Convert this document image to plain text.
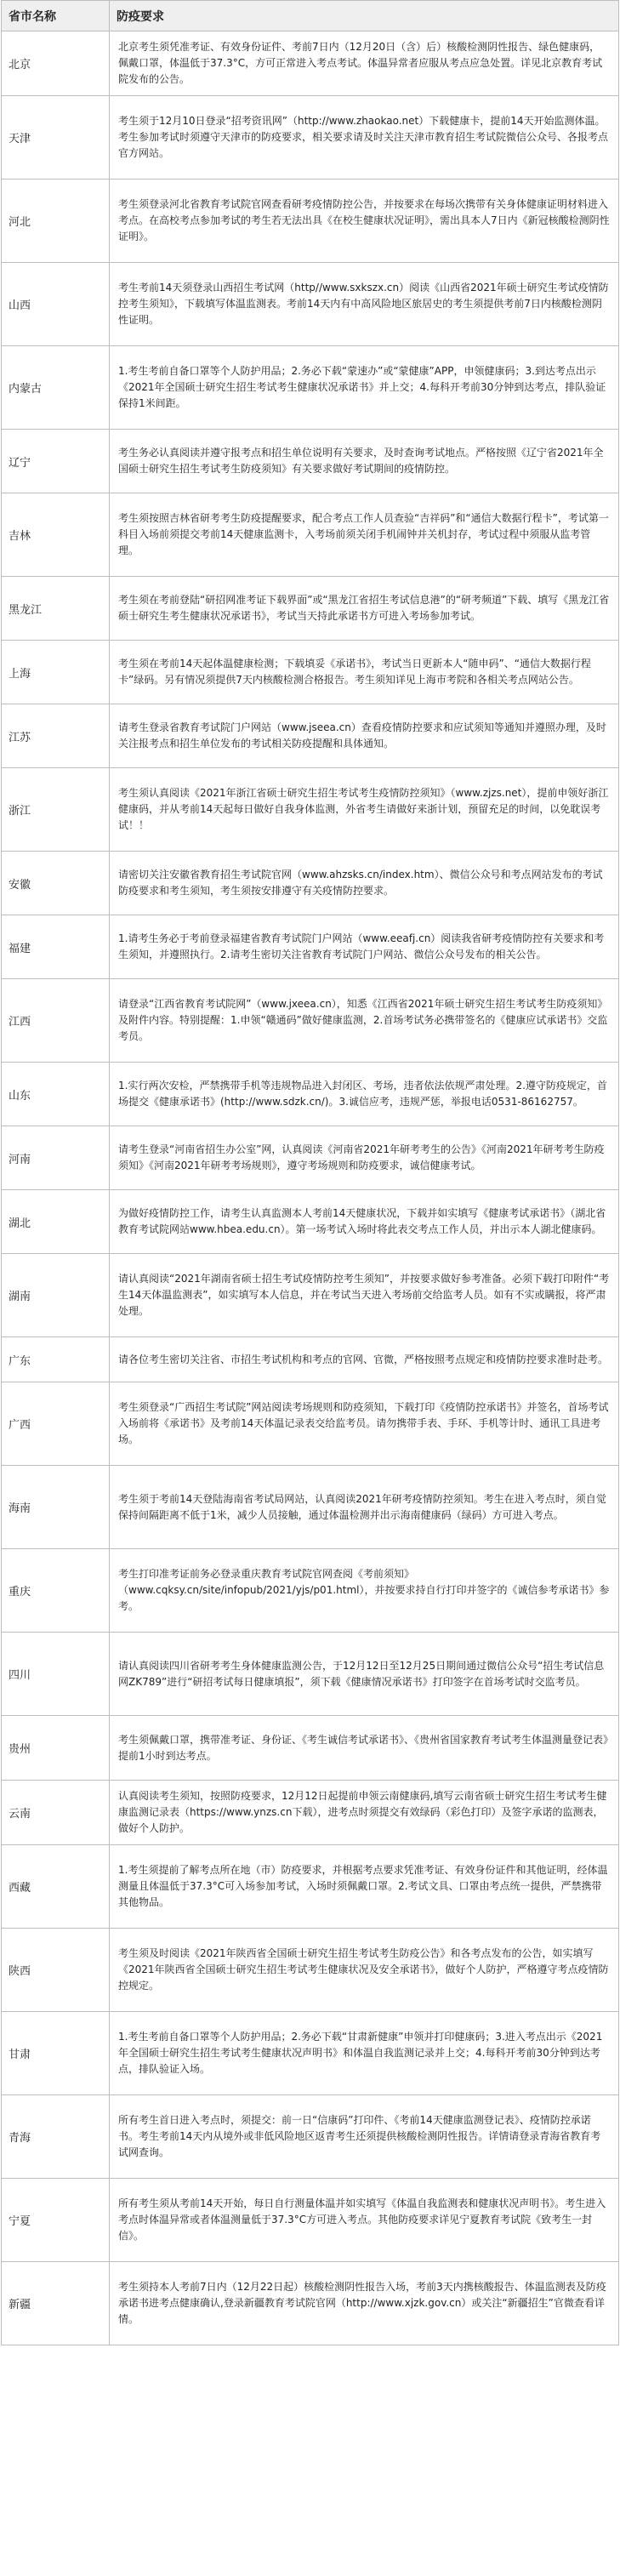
省市名称	防疫要求
北京	北京考生须凭准考证、有效身份证件、考前7日内（12月20日（含）后）核酸检测阴性报告、绿色健康码，佩戴口罩，体温低于37.3°C，方可正常进入考点考试。体温异常者应服从考点应急处置。详见北京教育考试院发布的公告。
天津	考生须于12月10日登录“招考资讯网”（http://www.zhaokao.net）下载健康卡，提前14天开始监测体温。考生参加考试时须遵守天津市的防疫要求，相关要求请及时关注天津市教育招生考试院微信公众号、各报考点官方网站。
河北	考生须登录河北省教育考试院官网查看研考疫情防控公告，并按要求在每场次携带有关身体健康证明材料进入考点。在高校考点参加考试的考生若无法出具《在校生健康状况证明》，需出具本人7日内《新冠核酸检测阴性证明》。
山西	考生考前14天须登录山西招生考试网（http//www.sxkszx.cn）阅读《山西省2021年硕士研究生考试疫情防控考生须知》，下载填写体温监测表。考前14天内有中高风险地区旅居史的考生须提供考前7日内核酸检测阴性证明。
内蒙古	1.考生考前自备口罩等个人防护用品；2.务必下载“蒙速办”或“蒙健康”APP，申领健康码；3.到达考点出示《2021年全国硕士研究生招生考试考生健康状况承诺书》并上交；4.每科开考前30分钟到达考点，排队验证保持1米间距。
辽宁	考生务必认真阅读并遵守报考点和招生单位说明有关要求，及时查询考试地点。严格按照《辽宁省2021年全国硕士研究生招生考试考生防疫须知》有关要求做好考试期间的疫情防控。
吉林	考生须按照吉林省研考考生防疫提醒要求，配合考点工作人员查验“吉祥码”和“通信大数据行程卡”，考试第一科目入场前须提交考前14天健康监测卡，入考场前须关闭手机闹钟并关机封存，考试过程中须服从监考管理。
黑龙江	考生须在考前登陆“研招网准考证下载界面”或“黑龙江省招生考试信息港”的“研考频道”下载、填写《黑龙江省硕士研究生考生健康状况承诺书》，考试当天持此承诺书方可进入考场参加考试。
上海	考生须在考前14天起体温健康检测；下载填妥《承诺书》，考试当日更新本人“随申码”、“通信大数据行程卡”绿码。另有情况须提供7天内核酸检测合格报告。考生须知详见上海市考院和各相关考点网站公告。
江苏	请考生登录省教育考试院门户网站（www.jseea.cn）查看疫情防控要求和应试须知等通知并遵照办理，及时关注报考点和招生单位发布的考试相关防疫提醒和具体通知。
浙江	考生须认真阅读《2021年浙江省硕士研究生招生考试考生疫情防控须知》（www.zjzs.net），提前申领好浙江健康码，并从考前14天起每日做好自我身体监测，外省考生请做好来浙计划，预留充足的时间，以免耽误考试！！
安徽	请密切关注安徽省教育招生考试院官网（www.ahzsks.cn/index.htm）、微信公众号和考点网站发布的考试防疫要求和考生须知，考生须按安排遵守有关疫情防控要求。
福建	1.请考生务必于考前登录福建省教育考试院门户网站（www.eeafj.cn）阅读我省研考疫情防控有关要求和考生须知，并遵照执行。2.请考生密切关注省教育考试院门户网站、微信公众号发布的相关公告。
江西	请登录“江西省教育考试院网”（www.jxeea.cn），知悉《江西省2021年硕士研究生招生考试考生防疫须知》及附件内容。特别提醒：1.申领“赣通码”做好健康监测，2.首场考试务必携带签名的《健康应试承诺书》交监考员。
山东	1.实行两次安检，严禁携带手机等违规物品进入封闭区、考场，违者依法依规严肃处理。2.遵守防疫规定，首场提交《健康承诺书》(http://www.sdzk.cn/)。3.诚信应考，违规严惩，举报电话0531-86162757。
河南	请考生登录“河南省招生办公室”网，认真阅读《河南省2021年研考考生的公告》《河南2021年研考考生防疫须知》《河南2021年研考考场规则》，遵守考场规则和防疫要求，诚信健康考试。
湖北	为做好疫情防控工作，请考生认真监测本人考前14天健康状况，下载并如实填写《健康考试承诺书》（湖北省教育考试院网站www.hbea.edu.cn）。第一场考试入场时将此表交考点工作人员，并出示本人湖北健康码。
湖南	请认真阅读“2021年湖南省硕士招生考试疫情防控考生须知”，并按要求做好参考准备。必须下载打印附件“考生14天体温监测表”，如实填写本人信息，并在考试当天进入考场前交给监考人员。如有不实或瞒报，将严肃处理。
广东	请各位考生密切关注省、市招生考试机构和考点的官网、官微，严格按照考点规定和疫情防控要求准时赴考。
广西	考生须登录“广西招生考试院”网站阅读考场规则和防疫须知，下载打印《疫情防控承诺书》并签名，首场考试入场前将《承诺书》及考前14天体温记录表交给监考员。请勿携带手表、手环、手机等计时、通讯工具进考场。
海南	考生须于考前14天登陆海南省考试局网站，认真阅读2021年研考疫情防控须知。考生在进入考点时，须自觉保持间隔距离不低于1米，减少人员接触，通过体温检测并出示海南健康码（绿码）方可进入考点。
重庆	考生打印准考证前务必登录重庆教育考试院官网查阅《考前须知》（www.cqksy.cn/site/infopub/2021/yjs/p01.html），并按要求持自行打印并签字的《诚信参考承诺书》参考。
四川	请认真阅读四川省研考考生身体健康监测公告，于12月12日至12月25日期间通过微信公众号“招生考试信息网ZK789”进行“研招考试每日健康填报”，须下载《健康情况承诺书》打印签字在首场考试时交监考员。
贵州	考生须佩戴口罩，携带准考证、身份证、《考生诚信考试承诺书》、《贵州省国家教育考试考生体温测量登记表》提前1小时到达考点。
云南	认真阅读考生须知，按照防疫要求，12月12日起提前申领云南健康码,填写云南省硕士研究生招生考试考生健康监测记录表（https://www.ynzs.cn下载），进考点时须提交有效绿码（彩色打印）及签字承诺的监测表，做好个人防护。
西藏	1.考生须提前了解考点所在地（市）防疫要求，并根据考点要求凭准考证、有效身份证件和其他证明，经体温测量且体温低于37.3°C可入场参加考试，入场时须佩戴口罩。2.考试文具、口罩由考点统一提供，严禁携带其他物品。
陕西	考生须及时阅读《2021年陕西省全国硕士研究生招生考试考生防疫公告》和各考点发布的公告，如实填写《2021年陕西省全国硕士研究生招生考试考生健康状况及安全承诺书》，做好个人防护，严格遵守考点疫情防控规定。
甘肃	1.考生考前自备口罩等个人防护用品；2.务必下载“甘肃新健康”申领并打印健康码；3.进入考点出示《2021年全国硕士研究生招生考试考生健康状况声明书》和体温自我监测记录并上交；4.每科开考前30分钟到达考点，排队验证入场。
青海	所有考生首日进入考点时，须提交：前一日“信康码”打印件、《考前14天健康监测登记表》、疫情防控承诺书。考生考前14天内从境外或非低风险地区返青考生还须提供核酸检测阴性报告。详情请登录青海省教育考试网查询。
宁夏	所有考生须从考前14天开始，每日自行测量体温并如实填写《体温自我监测表和健康状况声明书》。考生进入考点时体温异常或者体温测量低于37.3°C方可进入考点。其他防疫要求详见宁夏教育考试院《致考生一封信》。
新疆	考生须持本人考前7日内（12月22日起）核酸检测阴性报告入场，考前3天内携核酸报告、体温监测表及防疫承诺书进考点健康确认,登录新疆教育考试院官网（http://www.xjzk.gov.cn）或关注“新疆招生”官微查看详情。
